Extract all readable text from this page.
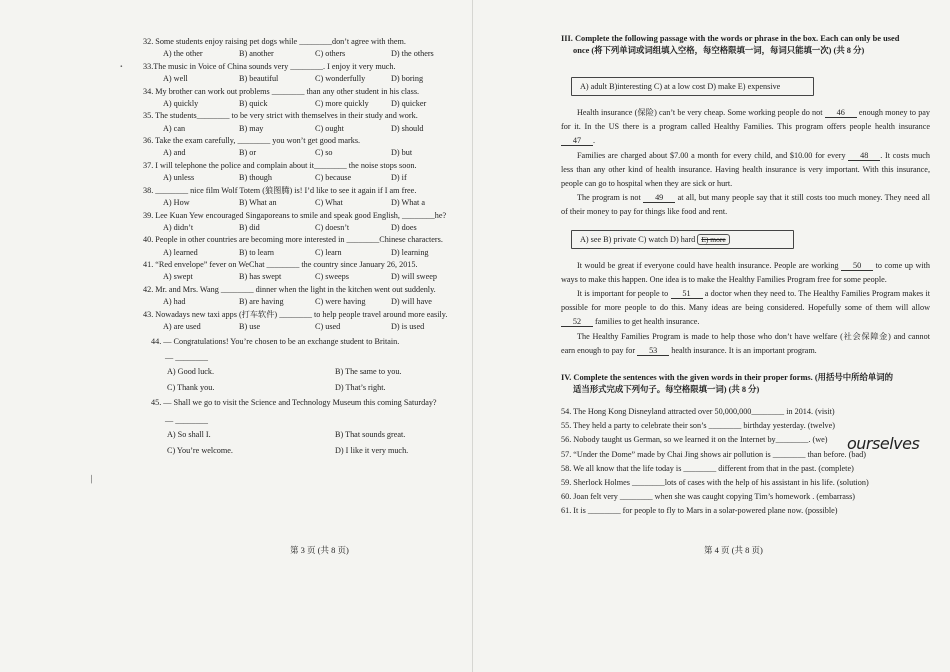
·
/
32. Some students enjoy raising pet dogs while ________don’t agree with them.
A) the other	B) another	C) others	D) the others
33.The music in Voice of China sounds very ________. I enjoy it very much.
A) well	B) beautiful	C) wonderfully	D) boring
34. My brother can work out problems ________ than any other student in his class.
A) quickly	B) quick	C) more quickly	D) quicker
35. The students________ to be very strict with themselves in their study and work.
A) can	B) may	C) ought	D) should
36. Take the exam carefully, ________ you won’t get good marks.
A) and	B) or	C) so	D) but
37. I will telephone the police and complain about it________ the noise stops soon.
A) unless	B) though	C) because	D) if
38. ________ nice film Wolf Totem (狼图腾) is! I’d like to see it again if I am free.
A) How	B) What an	C) What	D) What a
39. Lee Kuan Yew encouraged Singaporeans to smile and speak good English, ________he?
A) didn’t	B) did	C) doesn’t	D) does
40. People in other countries are becoming more interested in ________Chinese characters.
A) learned	B) to learn	C) learn	D) learning
41. “Red envelope” fever on WeChat ________ the country since January 26, 2015.
A) swept	B) has swept	C) sweeps	D) will sweep
42. Mr. and Mrs. Wang ________ dinner when the light in the kitchen went out suddenly.
A) had	B) are having	C) were having	D) will have
43. Nowadays new taxi apps (打车软件) ________ to help people travel around more easily.
A) are used	B) use	C) used	D) is used
44. — Congratulations! You’re chosen to be an exchange student to Britain.
— ________
A) Good luck.	B) The same to you.
C) Thank you.	D) That’s right.
45. — Shall we go to visit the Science and Technology Museum this coming Saturday?
— ________
A) So shall I.	B) That sounds great.
C) You’re welcome.	D) I like it very much.
第 3 页 (共 8 页)
III. Complete the following passage with the words or phrase in the box. Each can only be used
once (将下列单词或词组填入空格，每空格限填一词，每词只能填一次) (共 8 分)
A) adult B)interesting C) at a low cost D) make E) expensive
Health insurance (保险) can’t be very cheap. Some working people do not 46 enough money to pay for it. In the US there is a program called Healthy Families. This program offers people health insurance 47 .
Families are charged about $7.00 a month for every child, and $10.00 for every 48 . It costs much less than any other kind of health insurance. Having health insurance is very important. With this insurance, people can go to hospital when they are sick or hurt.
The program is not 49 at all, but many people say that it still costs too much money. They need all of their money to pay for things like food and rent.
A) see B) private C) watch D) hard E) more
It would be great if everyone could have health insurance. People are working 50 to come up with ways to make this happen. One idea is to make the Healthy Families Program free for some people.
It is important for people to 51 a doctor when they need to. The Healthy Families Program makes it possible for more people to do this. Many ideas are being considered. Hopefully some of them will allow 52 families to get health insurance.
The Healthy Families Program is made to help those who don’t have welfare (社会保障金) and cannot earn enough to pay for 53 health insurance. It is an important program.
IV. Complete the sentences with the given words in their proper forms. (用括号中所给单词的
适当形式完成下列句子。每空格限填一词) (共 8 分)
54. The Hong Kong Disneyland attracted over 50,000,000________ in 2014. (visit)
55. They held a party to celebrate their son’s ________ birthday yesterday. (twelve)
56. Nobody taught us German, so we learned it on the Internet by________. (we)
57. “Under the Dome” made by Chai Jing shows air pollution is ________ than before. (bad)
58. We all know that the life today is ________ different from that in the past. (complete)
59. Sherlock Holmes ________lots of cases with the help of his assistant in his life. (solution)
60. Joan felt very ________ when she was caught copying Tim’s homework . (embarrass)
61. It is ________ for people to fly to Mars in a solar-powered plane now. (possible)
第 4 页 (共 8 页)
ourselves
